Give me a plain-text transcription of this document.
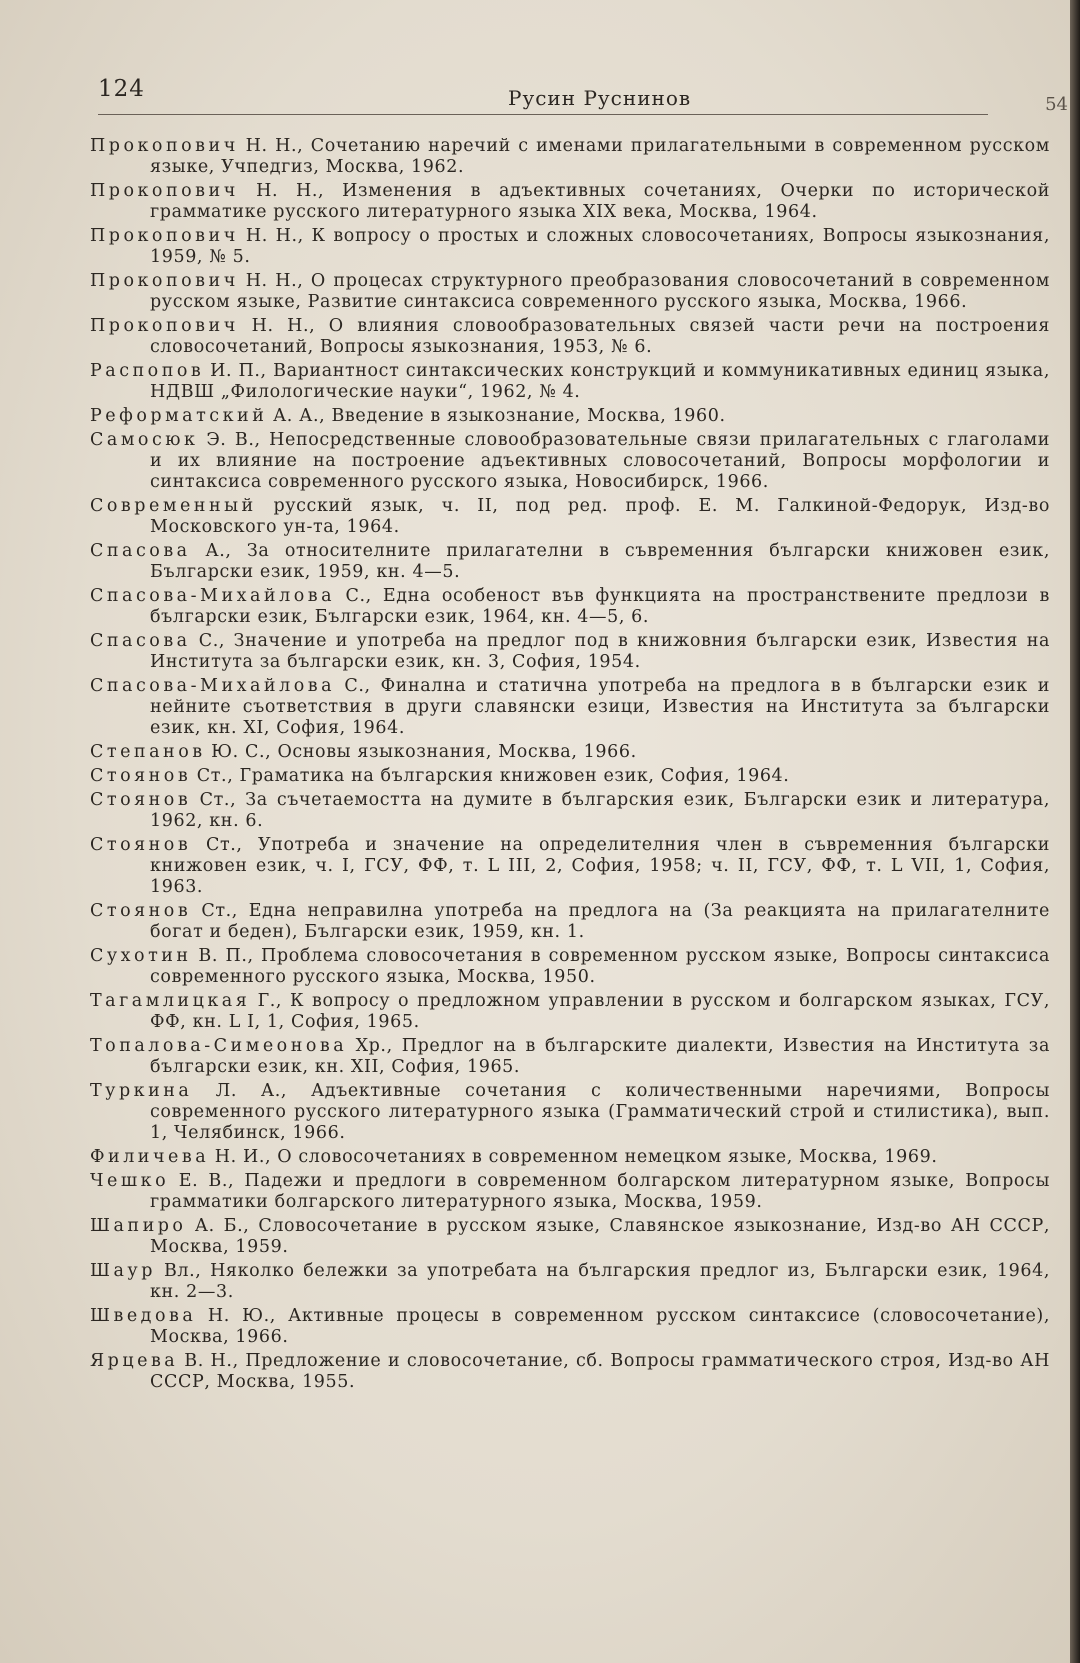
124	Русин Руснинов	54

Прокопович Н. Н., Сочетанию наречий с именами прилагательными в современном русском языке, Учпедгиз, Москва, 1962.

Прокопович Н. Н., Изменения в адъективных сочетаниях, Очерки по исторической грамматике русского литературного языка XIX века, Москва, 1964.

Прокопович Н. Н., К вопросу о простых и сложных словосочетаниях, Вопросы языкознания, 1959, № 5.

Прокопович Н. Н., О процесах структурного преобразования словосочетаний в современном русском языке, Развитие синтаксиса современного русского языка, Москва, 1966.

Прокопович Н. Н., О влияния словообразовательных связей части речи на построения словосочетаний, Вопросы языкознания, 1953, № 6.

Распопов И. П., Вариантност синтаксических конструкций и коммуникативных единиц языка, НДВШ „Филологические науки“, 1962, № 4.

Реформатский А. А., Введение в языкознание, Москва, 1960.

Самосюк Э. В., Непосредственные словообразовательные связи прилагательных с глаголами и их влияние на построение адъективных словосочетаний, Вопросы морфологии и синтаксиса современного русского языка, Новосибирск, 1966.

Современный русский язык, ч. II, под ред. проф. Е. М. Галкиной-Федорук, Изд-во Московского ун-та, 1964.

Спасова А., За относителните прилагателни в съвременния български книжовен език, Български език, 1959, кн. 4—5.

Спасова-Михайлова С., Една особеност във функцията на пространствените предлози в български език, Български език, 1964, кн. 4—5, 6.

Спасова С., Значение и употреба на предлог под в книжовния български език, Известия на Института за български език, кн. 3, София, 1954.

Спасова-Михайлова С., Финална и статична употреба на предлога в в български език и нейните съответствия в други славянски езици, Известия на Института за български език, кн. XI, София, 1964.

Степанов Ю. С., Основы языкознания, Москва, 1966.

Стоянов Ст., Граматика на българския книжовен език, София, 1964.

Стоянов Ст., За съчетаемостта на думите в българския език, Български език и литература, 1962, кн. 6.

Стоянов Ст., Употреба и значение на определителния член в съвременния български книжовен език, ч. I, ГСУ, ФФ, т. L III, 2, София, 1958; ч. II, ГСУ, ФФ, т. L VII, 1, София, 1963.

Стоянов Ст., Една неправилна употреба на предлога на (За реакцията на прилагателните богат и беден), Български език, 1959, кн. 1.

Сухотин В. П., Проблема словосочетания в современном русском языке, Вопросы синтаксиса современного русского языка, Москва, 1950.

Тагамлицкая Г., К вопросу о предложном управлении в русском и болгарском языках, ГСУ, ФФ, кн. L I, 1, София, 1965.

Топалова-Симеонова Хр., Предлог на в българските диалекти, Известия на Института за български език, кн. XII, София, 1965.

Туркина Л. А., Адъективные сочетания с количественными наречиями, Вопросы современного русского литературного языка (Грамматический строй и стилистика), вып. 1, Челябинск, 1966.

Филичева Н. И., О словосочетаниях в современном немецком языке, Москва, 1969.

Чешко Е. В., Падежи и предлоги в современном болгарском литературном языке, Вопросы грамматики болгарского литературного языка, Москва, 1959.

Шапиро А. Б., Словосочетание в русском языке, Славянское языкознание, Изд-во АН СССР, Москва, 1959.

Шаур Вл., Няколко бележки за употребата на българския предлог из, Български език, 1964, кн. 2—3.

Шведова Н. Ю., Активные процесы в современном русском синтаксисе (словосочетание), Москва, 1966.

Ярцева В. Н., Предложение и словосочетание, сб. Вопросы грамматического строя, Изд-во АН СССР, Москва, 1955.
